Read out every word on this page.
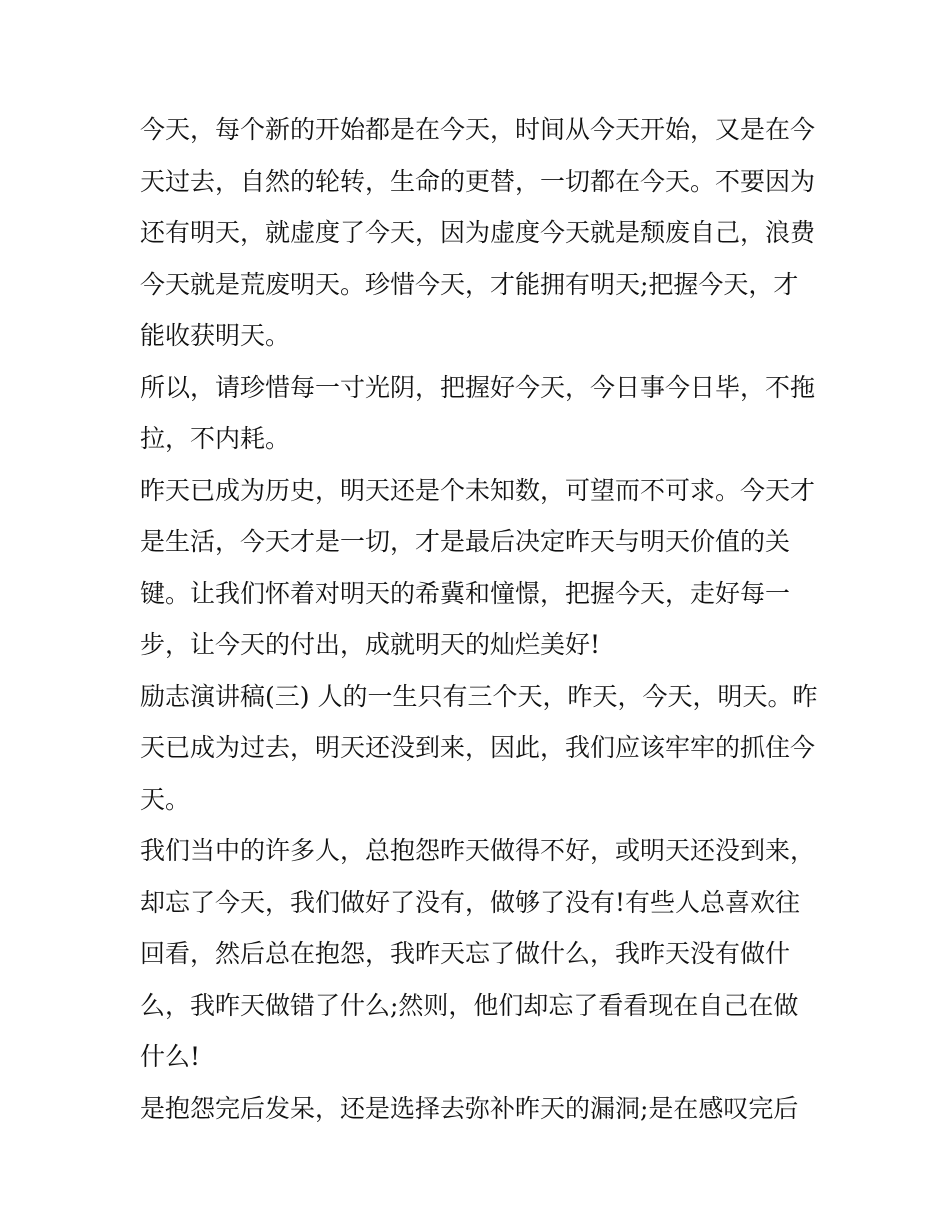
今天，每个新的开始都是在今天，时间从今天开始，又是在今
天过去，自然的轮转，生命的更替，一切都在今天。不要因为
还有明天，就虚度了今天，因为虚度今天就是颓废自己，浪费
今天就是荒废明天。珍惜今天，才能拥有明天;把握今天，才
能收获明天。
所以，请珍惜每一寸光阴，把握好今天，今日事今日毕，不拖
拉，不内耗。
昨天已成为历史，明天还是个未知数，可望而不可求。今天才
是生活，今天才是一切，才是最后决定昨天与明天价值的关
键。让我们怀着对明天的希冀和憧憬，把握今天，走好每一
步，让今天的付出，成就明天的灿烂美好!
励志演讲稿(三) 人的一生只有三个天，昨天，今天，明天。昨
天已成为过去，明天还没到来，因此，我们应该牢牢的抓住今
天。
我们当中的许多人，总抱怨昨天做得不好，或明天还没到来，
却忘了今天，我们做好了没有，做够了没有!有些人总喜欢往
回看，然后总在抱怨，我昨天忘了做什么，我昨天没有做什
么，我昨天做错了什么;然则，他们却忘了看看现在自己在做
什么!
是抱怨完后发呆，还是选择去弥补昨天的漏洞;是在感叹完后
